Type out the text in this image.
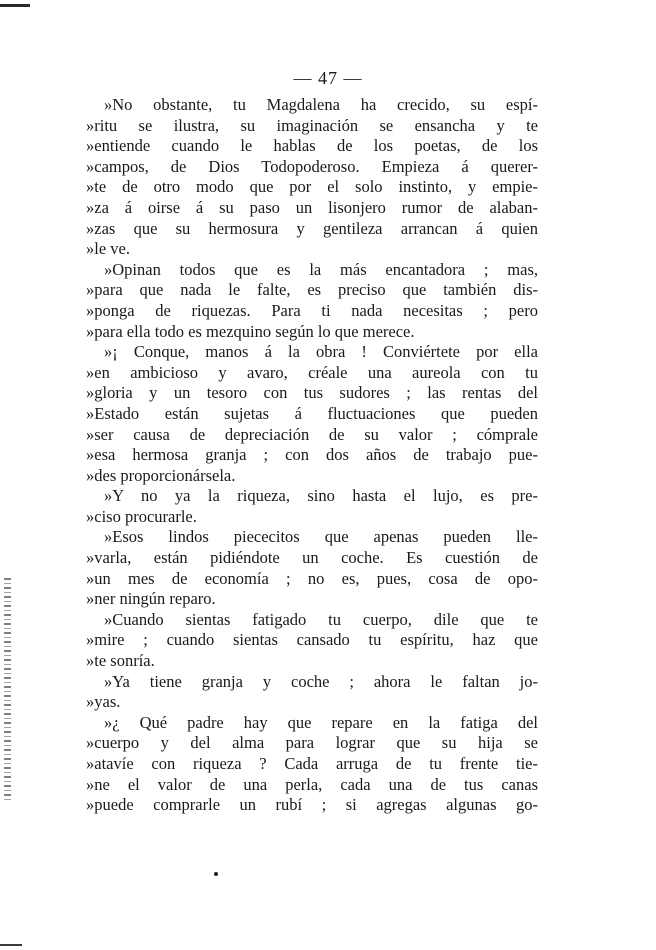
— 47 —
»No obstante, tu Magdalena ha crecido, su espí-
»ritu se ilustra, su imaginación se ensancha y te
»entiende cuando le hablas de los poetas, de los
»campos, de Dios Todopoderoso. Empieza á querer-
»te de otro modo que por el solo instinto, y empie-
»za á oirse á su paso un lisonjero rumor de alaban-
»zas que su hermosura y gentileza arrancan á quien
»le ve.
»Opinan todos que es la más encantadora ; mas,
»para que nada le falte, es preciso que también dis-
»ponga de riquezas. Para ti nada necesitas ; pero
»para ella todo es mezquino según lo que merece.
»¡ Conque, manos á la obra ! Conviértete por ella
»en ambicioso y avaro, créale una aureola con tu
»gloria y un tesoro con tus sudores ; las rentas del
»Estado están sujetas á fluctuaciones que pueden
»ser causa de depreciación de su valor ; cómprale
»esa hermosa granja ; con dos años de trabajo pue-
»des proporcionársela.
»Y no ya la riqueza, sino hasta el lujo, es pre-
»ciso procurarle.
»Esos lindos piececitos que apenas pueden lle-
»varla, están pidiéndote un coche. Es cuestión de
»un mes de economía ; no es, pues, cosa de opo-
»ner ningún reparo.
»Cuando sientas fatigado tu cuerpo, dile que te
»mire ; cuando sientas cansado tu espíritu, haz que
»te sonría.
»Ya tiene granja y coche ; ahora le faltan jo-
»yas.
»¿ Qué padre hay que repare en la fatiga del
»cuerpo y del alma para lograr que su hija se
»atavíe con riqueza ? Cada arruga de tu frente tie-
»ne el valor de una perla, cada una de tus canas
»puede comprarle un rubí ; si agregas algunas go-
